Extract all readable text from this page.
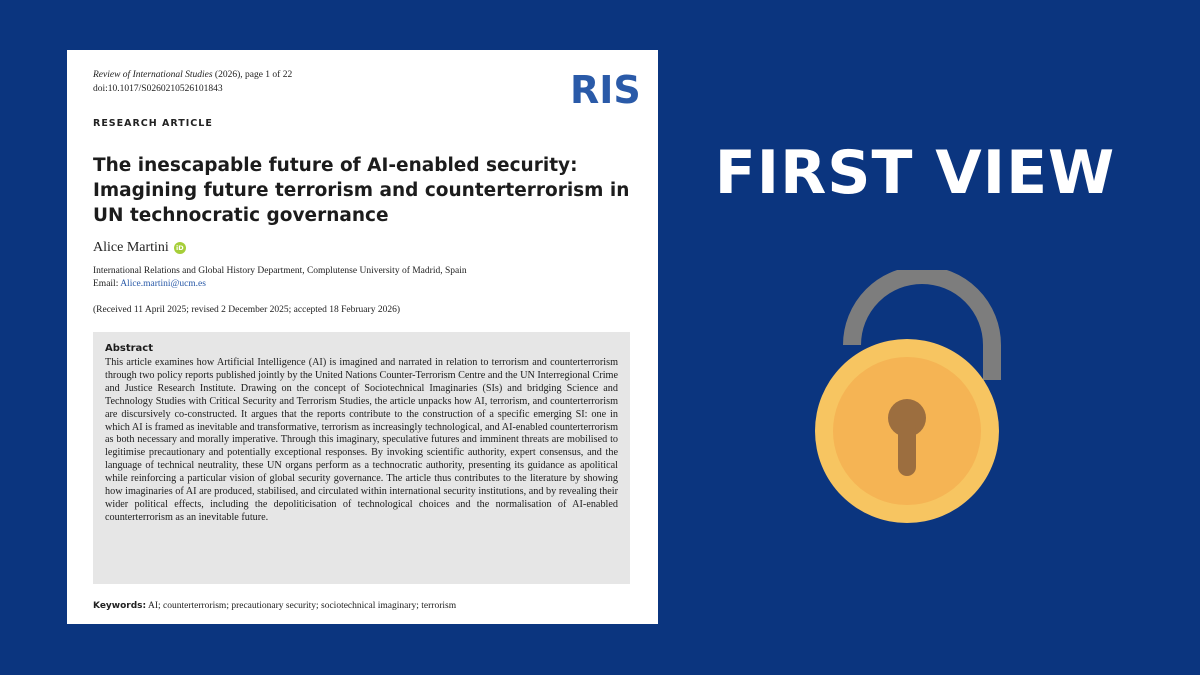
Review of International Studies (2026), page 1 of 22
doi:10.1017/S0260210526101843	RIS
RESEARCH ARTICLE
The inescapable future of AI-enabled security: Imagining future terrorism and counterterrorism in UN technocratic governance
Alice Martini	iD
International Relations and Global History Department, Complutense University of Madrid, Spain
Email: Alice.martini@ucm.es
(Received 11 April 2025; revised 2 December 2025; accepted 18 February 2026)
Abstract
This article examines how Artificial Intelligence (AI) is imagined and narrated in relation to terrorism and counterterrorism through two policy reports published jointly by the United Nations Counter-Terrorism Centre and the UN Interregional Crime and Justice Research Institute. Drawing on the concept of Sociotechnical Imaginaries (SIs) and bridging Science and Technology Studies with Critical Security and Terrorism Studies, the article unpacks how AI, terrorism, and counterterrorism are discursively co-constructed. It argues that the reports contribute to the construction of a specific emerging SI: one in which AI is framed as inevitable and transformative, terrorism as increasingly technological, and AI-enabled counterterrorism as both necessary and morally imperative. Through this imaginary, speculative futures and imminent threats are mobilised to legitimise precautionary and potentially exceptional responses. By invoking scientific authority, expert consensus, and the language of technical neutrality, these UN organs perform as a technocratic authority, presenting its guidance as apolitical while reinforcing a particular vision of global security governance. The article thus contributes to the literature by showing how imaginaries of AI are produced, stabilised, and circulated within international security institutions, and by revealing their wider political effects, including the depoliticisation of technological choices and the normalisation of AI-enabled counterterrorism as an inevitable future.
Keywords: AI; counterterrorism; precautionary security; sociotechnical imaginary; terrorism
FIRST VIEW
